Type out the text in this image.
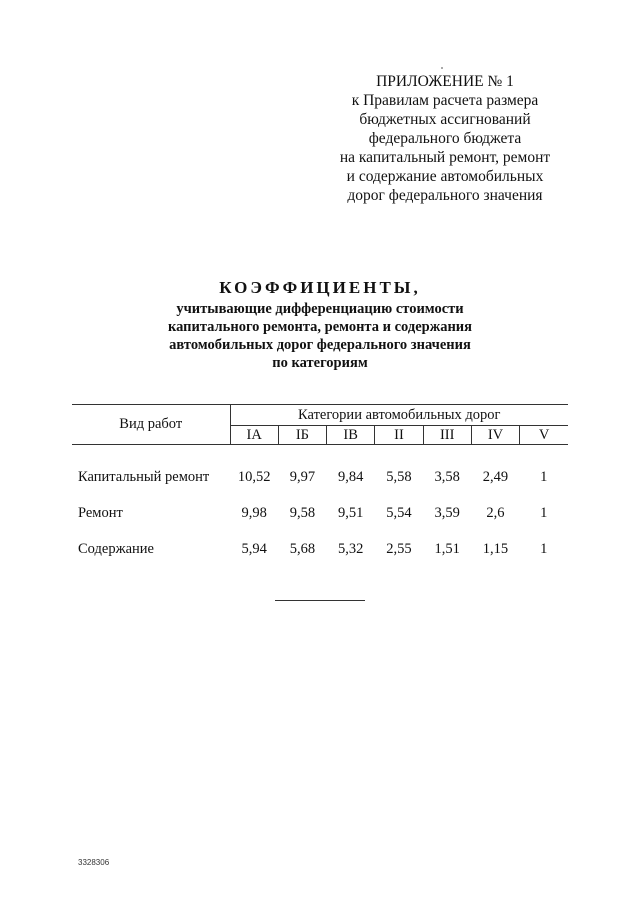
ПРИЛОЖЕНИЕ № 1
к Правилам расчета размера
бюджетных ассигнований
федерального бюджета
на капитальный ремонт, ремонт
и содержание автомобильных
дорог федерального значения
КОЭФФИЦИЕНТЫ,
учитывающие дифференциацию стоимости
капитального ремонта, ремонта и содержания
автомобильных дорог федерального значения
по категориям
Вид работ	Категории автомобильных дорог						
	IА	IБ	IВ	II	III	IV	V
Капитальный ремонт	10,52	9,97	9,84	5,58	3,58	2,49	1
Ремонт	9,98	9,58	9,51	5,54	3,59	2,6	1
Содержание	5,94	5,68	5,32	2,55	1,51	1,15	1
3328306
